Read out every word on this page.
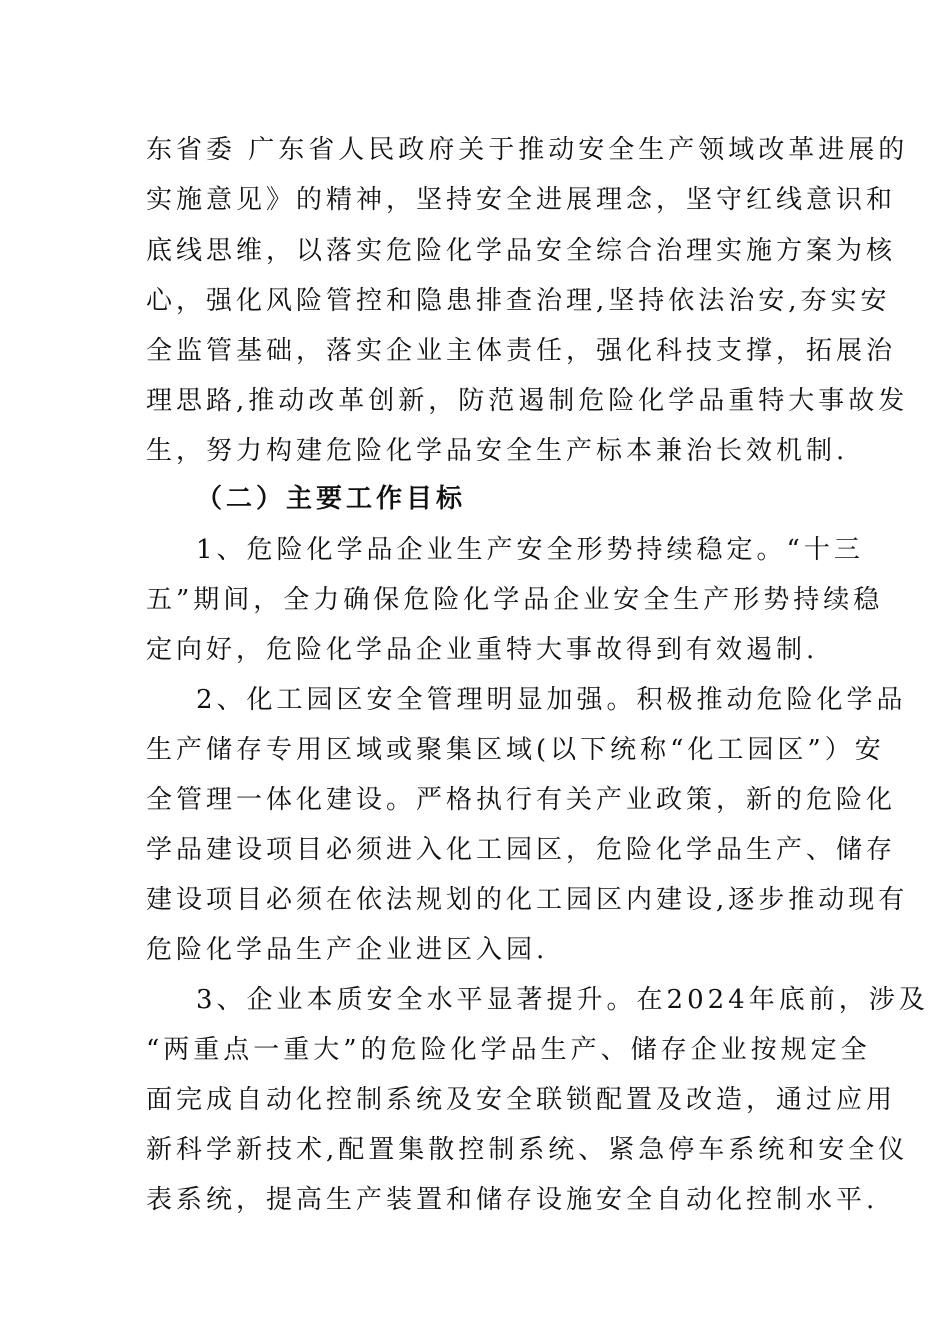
东省委 广东省人民政府关于推动安全生产领域改革进展的
实施意见》的精神，坚持安全进展理念，坚守红线意识和
底线思维，以落实危险化学品安全综合治理实施方案为核
心，强化风险管控和隐患排查治理,坚持依法治安,夯实安
全监管基础，落实企业主体责任，强化科技支撑，拓展治
理思路,推动改革创新，防范遏制危险化学品重特大事故发
生，努力构建危险化学品安全生产标本兼治长效机制.
（二）主要工作目标
1、危险化学品企业生产安全形势持续稳定。“十三
五”期间，全力确保危险化学品企业安全生产形势持续稳
定向好，危险化学品企业重特大事故得到有效遏制.
2、化工园区安全管理明显加强。积极推动危险化学品
生产储存专用区域或聚集区域(以下统称“化工园区”）安
全管理一体化建设。严格执行有关产业政策，新的危险化
学品建设项目必须进入化工园区，危险化学品生产、储存
建设项目必须在依法规划的化工园区内建设,逐步推动现有
危险化学品生产企业进区入园.
3、企业本质安全水平显著提升。在2024年底前，涉及
“两重点一重大”的危险化学品生产、储存企业按规定全
面完成自动化控制系统及安全联锁配置及改造，通过应用
新科学新技术,配置集散控制系统、紧急停车系统和安全仪
表系统，提高生产装置和储存设施安全自动化控制水平.
